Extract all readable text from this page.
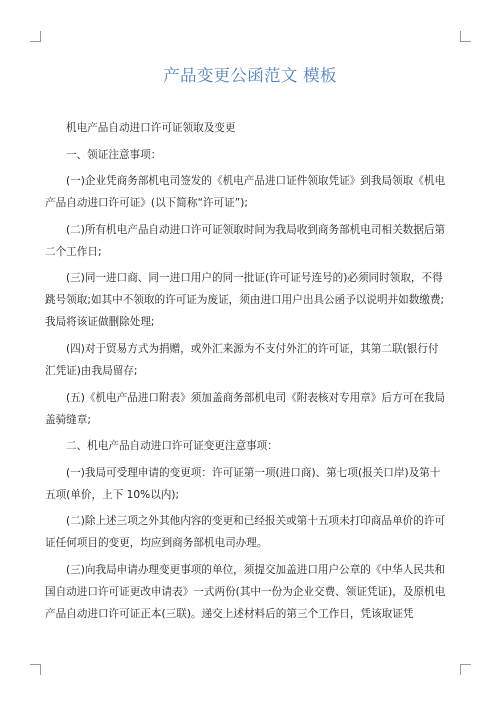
产品变更公函范文 模板

机电产品自动进口许可证领取及变更

一、领证注意事项：

(一)企业凭商务部机电司签发的《机电产品进口证件领取凭证》到我局领取《机电产品自动进口许可证》(以下简称“许可证”);

(二)所有机电产品自动进口许可证领取时间为我局收到商务部机电司相关数据后第二个工作日;

(三)同一进口商、同一进口用户的同一批证(许可证号连号的)必须同时领取，不得跳号领取;如其中不领取的许可证为废证，须由进口用户出具公函予以说明并如数缴费;我局将该证做删除处理;

(四)对于贸易方式为捐赠，或外汇来源为不支付外汇的许可证，其第二联(银行付汇凭证)由我局留存;

(五)《机电产品进口附表》须加盖商务部机电司《附表核对专用章》后方可在我局盖骑缝章;

二、机电产品自动进口许可证变更注意事项：

(一)我局可受理申请的变更项：许可证第一项(进口商)、第七项(报关口岸)及第十五项(单价，上下 10%以内);

(二)除上述三项之外其他内容的变更和已经报关或第十五项未打印商品单价的许可证任何项目的变更，均应到商务部机电司办理。

(三)向我局申请办理变更事项的单位，须提交加盖进口用户公章的《中华人民共和国自动进口许可证更改申请表》一式两份(其中一份为企业交费、领证凭证)，及原机电产品自动进口许可证正本(三联)。递交上述材料后的第三个工作日，凭该取证凭
